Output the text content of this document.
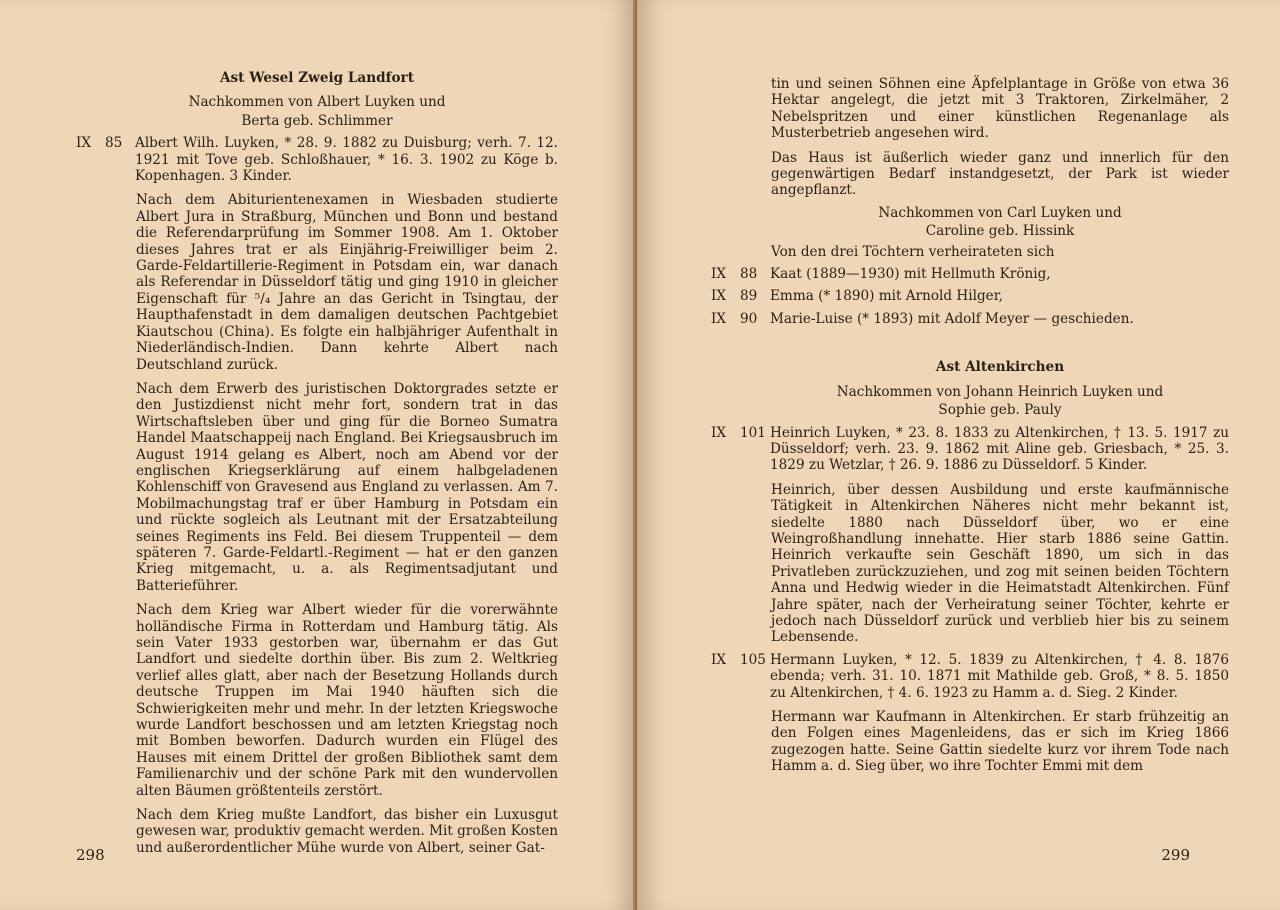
Ast Wesel Zweig Landfort
Nachkommen von Albert Luyken und
Berta geb. Schlimmer
IX	85 Albert Wilh. Luyken, * 28. 9. 1882 zu Duisburg; verh. 7. 12. 1921 mit Tove geb. Schloßhauer, * 16. 3. 1902 zu Köge b. Kopenhagen. 3 Kinder.
Nach dem Abiturientenexamen in Wiesbaden studierte Albert Jura in Straßburg, München und Bonn und bestand die Referendarprüfung im Sommer 1908. Am 1. Oktober dieses Jahres trat er als Einjährig-Freiwilliger beim 2. Garde-Feldartillerie-Regiment in Potsdam ein, war danach als Referendar in Düsseldorf tätig und ging 1910 in gleicher Eigenschaft für ⁵/₄ Jahre an das Gericht in Tsingtau, der Haupthafenstadt in dem damaligen deutschen Pachtgebiet Kiautschou (China). Es folgte ein halbjähriger Aufenthalt in Niederländisch-Indien. Dann kehrte Albert nach Deutschland zurück.
Nach dem Erwerb des juristischen Doktorgrades setzte er den Justizdienst nicht mehr fort, sondern trat in das Wirtschaftsleben über und ging für die Borneo Sumatra Handel Maatschappeij nach England. Bei Kriegsausbruch im August 1914 gelang es Albert, noch am Abend vor der englischen Kriegserklärung auf einem halbgeladenen Kohlenschiff von Gravesend aus England zu verlassen. Am 7. Mobilmachungstag traf er über Hamburg in Potsdam ein und rückte sogleich als Leutnant mit der Ersatzabteilung seines Regiments ins Feld. Bei diesem Truppenteil — dem späteren 7. Garde-Feldartl.-Regiment — hat er den ganzen Krieg mitgemacht, u. a. als Regimentsadjutant und Batterieführer.
Nach dem Krieg war Albert wieder für die vorerwähnte holländische Firma in Rotterdam und Hamburg tätig. Als sein Vater 1933 gestorben war, übernahm er das Gut Landfort und siedelte dorthin über. Bis zum 2. Weltkrieg verlief alles glatt, aber nach der Besetzung Hollands durch deutsche Truppen im Mai 1940 häuften sich die Schwierigkeiten mehr und mehr. In der letzten Kriegswoche wurde Landfort beschossen und am letzten Kriegstag noch mit Bomben beworfen. Dadurch wurden ein Flügel des Hauses mit einem Drittel der großen Bibliothek samt dem Familienarchiv und der schöne Park mit den wundervollen alten Bäumen größtenteils zerstört.
Nach dem Krieg mußte Landfort, das bisher ein Luxusgut gewesen war, produktiv gemacht werden. Mit großen Kosten und außerordentlicher Mühe wurde von Albert, seiner Gat-
298
tin und seinen Söhnen eine Äpfelplantage in Größe von etwa 36 Hektar angelegt, die jetzt mit 3 Traktoren, Zirkelmäher, 2 Nebelspritzen und einer künstlichen Regenanlage als Musterbetrieb angesehen wird.
Das Haus ist äußerlich wieder ganz und innerlich für den gegenwärtigen Bedarf instandgesetzt, der Park ist wieder angepflanzt.
Nachkommen von Carl Luyken und
Caroline geb. Hissink
Von den drei Töchtern verheirateten sich
IX	88 Kaat (1889—1930) mit Hellmuth Krönig,
IX	89 Emma (* 1890) mit Arnold Hilger,
IX	90 Marie-Luise (* 1893) mit Adolf Meyer — geschieden.
Ast Altenkirchen
Nachkommen von Johann Heinrich Luyken und
Sophie geb. Pauly
IX	101 Heinrich Luyken, * 23. 8. 1833 zu Altenkirchen, † 13. 5. 1917 zu Düsseldorf; verh. 23. 9. 1862 mit Aline geb. Griesbach, * 25. 3. 1829 zu Wetzlar, † 26. 9. 1886 zu Düsseldorf. 5 Kinder.
Heinrich, über dessen Ausbildung und erste kaufmännische Tätigkeit in Altenkirchen Näheres nicht mehr bekannt ist, siedelte 1880 nach Düsseldorf über, wo er eine Weingroßhandlung innehatte. Hier starb 1886 seine Gattin. Heinrich verkaufte sein Geschäft 1890, um sich in das Privatleben zurückzuziehen, und zog mit seinen beiden Töchtern Anna und Hedwig wieder in die Heimatstadt Altenkirchen. Fünf Jahre später, nach der Verheiratung seiner Töchter, kehrte er jedoch nach Düsseldorf zurück und verblieb hier bis zu seinem Lebensende.
IX	105 Hermann Luyken, * 12. 5. 1839 zu Altenkirchen, † 4. 8. 1876 ebenda; verh. 31. 10. 1871 mit Mathilde geb. Groß, * 8. 5. 1850 zu Altenkirchen, † 4. 6. 1923 zu Hamm a. d. Sieg. 2 Kinder.
Hermann war Kaufmann in Altenkirchen. Er starb frühzeitig an den Folgen eines Magenleidens, das er sich im Krieg 1866 zugezogen hatte. Seine Gattin siedelte kurz vor ihrem Tode nach Hamm a. d. Sieg über, wo ihre Tochter Emmi mit dem
299
